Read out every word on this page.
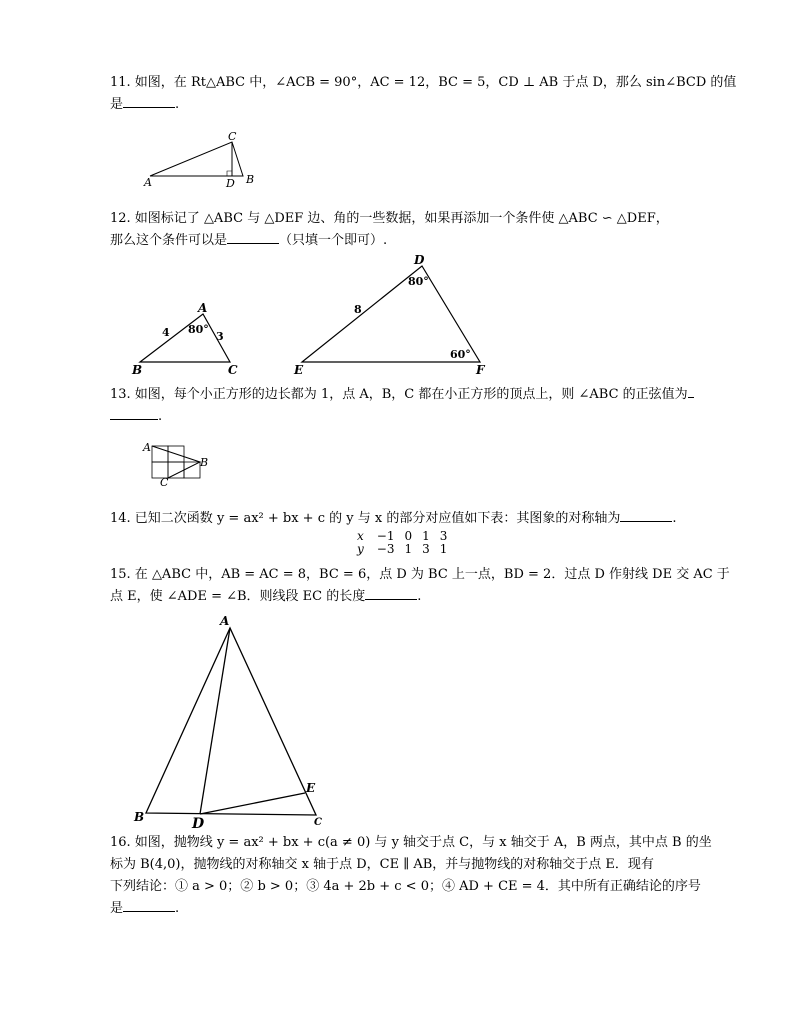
11. 如图，在 Rt△ABC 中，∠ACB = 90°，AC = 12，BC = 5，CD ⊥ AB 于点 D，那么 sin∠BCD 的值

是	.

C
A	D B

12. 如图标记了 △ABC 与 △DEF 边、角的一些数据，如果再添加一个条件使 △ABC ∽ △DEF，

那么这个条件可以是	（只填一个即可）.

A
B	C
4	3
80°
D
E	F
8
80°
60°

13. 如图，每个小正方形的边长都为 1，点 A，B，C 都在小正方形的顶点上，则 ∠ABC 的正弦值为

.

A
B
C

14. 已知二次函数 y = ax² + bx + c 的 y 与 x 的部分对应值如下表：其图象的对称轴为	.

x	−1	0	1	3
y	−3	1	3	1

15. 在 △ABC 中，AB = AC = 8，BC = 6，点 D 为 BC 上一点，BD = 2．过点 D 作射线 DE 交 AC 于

点 E，使 ∠ADE = ∠B．则线段 EC 的长度	.

A
B	C
D
E

16. 如图，抛物线 y = ax² + bx + c(a ≠ 0) 与 y 轴交于点 C，与 x 轴交于 A，B 两点，其中点 B 的坐

标为 B(4,0)，抛物线的对称轴交 x 轴于点 D，CE ∥ AB，并与抛物线的对称轴交于点 E．现有

下列结论：① a > 0；② b > 0；③ 4a + 2b + c < 0；④ AD + CE = 4．其中所有正确结论的序号

是	.
